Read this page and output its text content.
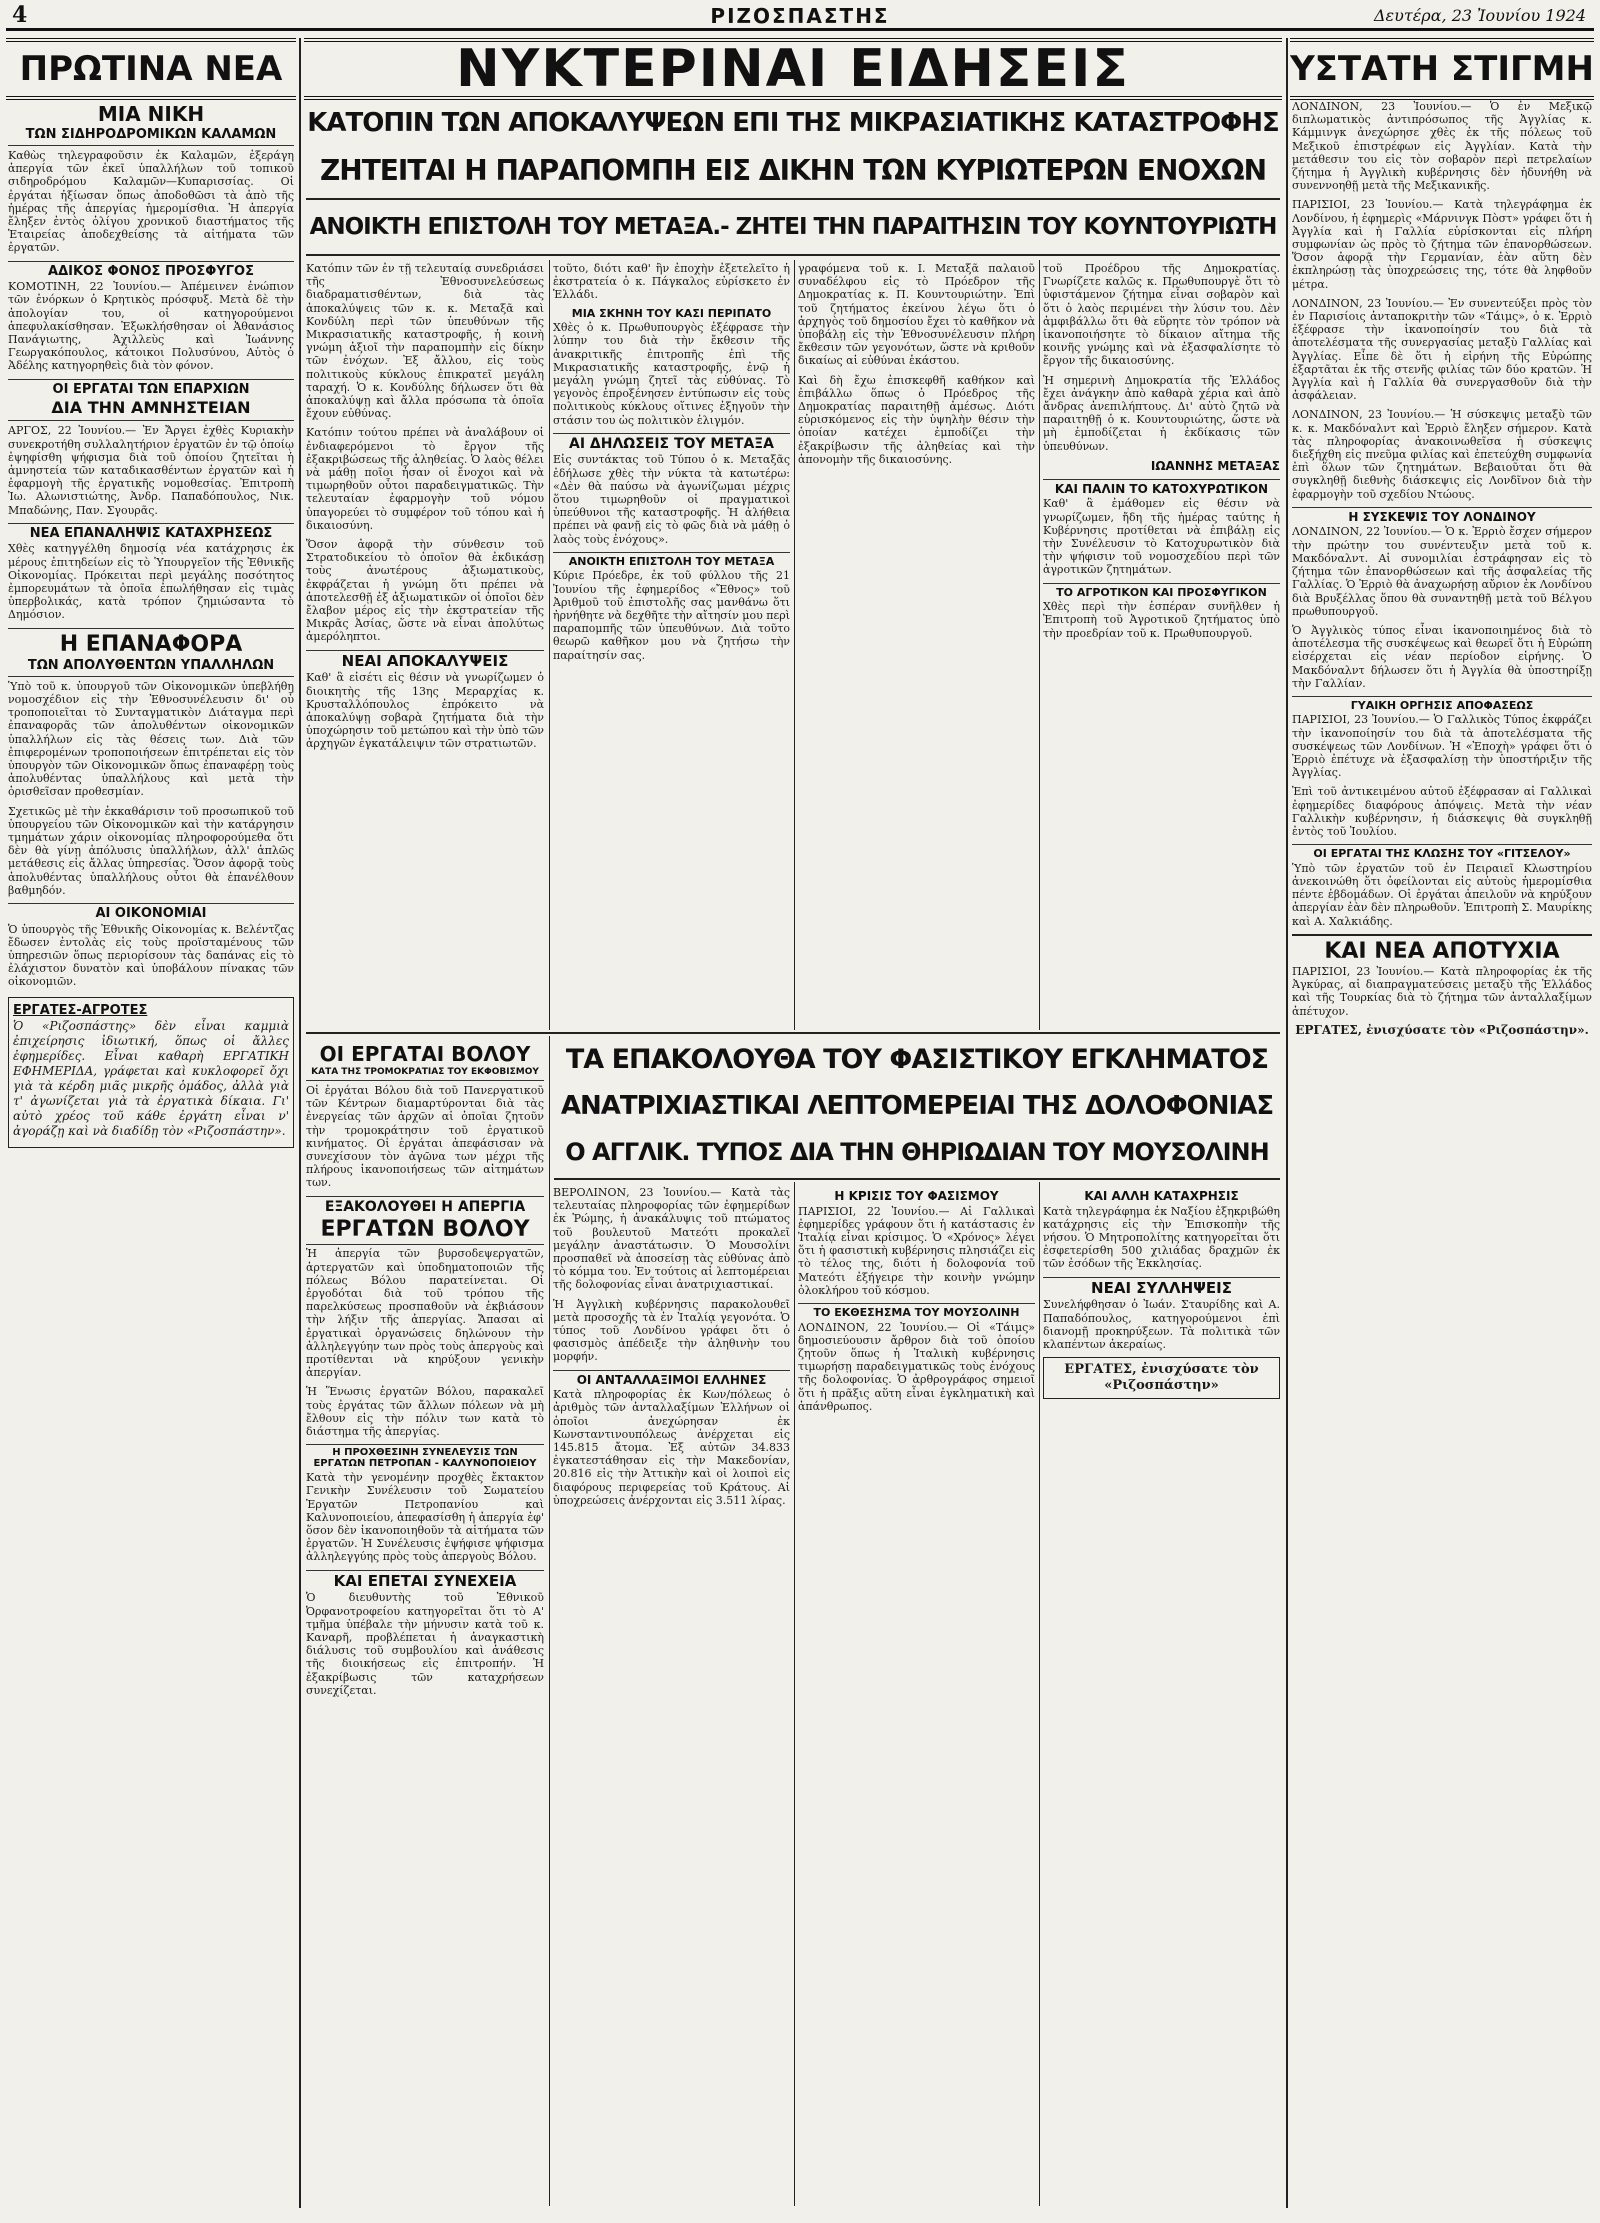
4	ΡΙΖΟΣΠΑΣΤΗΣ	Δευτέρα, 23 Ἰουνίου 1924
ΠΡΩΤΙΝΑ ΝΕΑ	ΝΥΚΤΕΡΙΝΑΙ ΕΙΔΗΣΕΙΣ	ΥΣΤΑΤΗ ΣΤΙΓΜΗ
ΜΙΑ ΝΙΚΗ
ΤΩΝ ΣΙΔΗΡΟΔΡΟΜΙΚΩΝ ΚΑΛΑΜΩΝ

Καθὼς τηλεγραφοῦσιν ἐκ Καλαμῶν, ἐξεράγη ἀπεργία τῶν ἐκεῖ ὑπαλλήλων τοῦ τοπικοῦ σιδηροδρόμου Καλαμῶν—Κυπαρισσίας. Οἱ ἐργάται ἠξίωσαν ὅπως ἀποδοθῶσι τὰ ἀπὸ τῆς ἡμέρας τῆς ἀπεργίας ἡμερομίσθια. Ἡ ἀπεργία ἔληξεν ἐντὸς ὀλίγου χρονικοῦ διαστήματος τῆς Ἑταιρείας ἀποδεχθείσης τὰ αἰτήματα τῶν ἐργατῶν.

ΑΔΙΚΟΣ ΦΟΝΟΣ ΠΡΟΣΦΥΓΟΣ

ΚΟΜΟΤΙΝΗ, 22 Ἰουνίου.— Ἀπέμεινεν ἐνώπιον τῶν ἐνόρκων ὁ Κρητικὸς πρόσφυξ. Μετὰ δὲ τὴν ἀπολογίαν του, οἱ κατηγορούμενοι ἀπεφυλακίσθησαν. Ἐξωκλήσθησαν οἱ Ἀθανάσιος Πανάγιωτης, Ἀχιλλεὺς καὶ Ἰωάννης Γεωργακόπουλος, κάτοικοι Πολυσύνου, Αὐτὸς ὁ Ἀδέλης κατηγορηθεὶς διὰ τὸν φόνον.

ΟΙ ΕΡΓΑΤΑΙ ΤΩΝ ΕΠΑΡΧΙΩΝ
ΔΙΑ ΤΗΝ ΑΜΝΗΣΤΕΙΑΝ

ΑΡΓΟΣ, 22 Ἰουνίου.— Ἐν Ἄργει ἐχθὲς Κυριακὴν συνεκροτήθη συλλαλητήριον ἐργατῶν ἐν τῷ ὁποίῳ ἐψηφίσθη ψήφισμα διὰ τοῦ ὁποίου ζητεῖται ἡ ἀμνηστεία τῶν καταδικασθέντων ἐργατῶν καὶ ἡ ἐφαρμογὴ τῆς ἐργατικῆς νομοθεσίας. Ἐπιτροπὴ Ἰω. Αλωνιστιώτης, Ἀνδρ. Παπαδόπουλος, Νικ. Μπαδώνης, Παν. Σγουρᾶς.

ΝΕΑ ΕΠΑΝΑΛΗΨΙΣ ΚΑΤΑΧΡΗΣΕΩΣ

Χθὲς κατηγγέλθη δημοσίᾳ νέα κατάχρησις ἐκ μέρους ἐπιτηδείων εἰς τὸ Ὑπουργεῖον τῆς Ἐθνικῆς Οἰκονομίας. Πρόκειται περὶ μεγάλης ποσότητος ἐμπορευμάτων τὰ ὁποῖα ἐπωλήθησαν εἰς τιμὰς ὑπερβολικάς, κατὰ τρόπον ζημιώσαντα τὸ Δημόσιον.

Η ΕΠΑΝΑΦΟΡΑ
ΤΩΝ ΑΠΟΛΥΘΕΝΤΩΝ ΥΠΑΛΛΗΛΩΝ

Ὑπὸ τοῦ κ. ὑπουργοῦ τῶν Οἰκονομικῶν ὑπεβλήθη νομοσχέδιον εἰς τὴν Ἐθνοσυνέλευσιν δι' οὗ τροποποιεῖται τὸ Συνταγματικὸν Διάταγμα περὶ ἐπαναφορᾶς τῶν ἀπολυθέντων οἰκονομικῶν ὑπαλλήλων εἰς τὰς θέσεις των. Διὰ τῶν ἐπιφερομένων τροποποιήσεων ἐπιτρέπεται εἰς τὸν ὑπουργὸν τῶν Οἰκονομικῶν ὅπως ἐπαναφέρῃ τοὺς ἀπολυθέντας ὑπαλλήλους καὶ μετὰ τὴν ὁρισθεῖσαν προθεσμίαν.

Σχετικῶς μὲ τὴν ἐκκαθάρισιν τοῦ προσωπικοῦ τοῦ ὑπουργείου τῶν Οἰκονομικῶν καὶ τὴν κατάργησιν τμημάτων χάριν οἰκονομίας πληροφορούμεθα ὅτι δὲν θὰ γίνῃ ἀπόλυσις ὑπαλλήλων, ἀλλ' ἁπλῶς μετάθεσις εἰς ἄλλας ὑπηρεσίας. Ὅσον ἀφορᾷ τοὺς ἀπολυθέντας ὑπαλλήλους οὗτοι θὰ ἐπανέλθουν βαθμηδόν.

ΑΙ ΟΙΚΟΝΟΜΙΑΙ

Ὁ ὑπουργὸς τῆς Ἐθνικῆς Οἰκονομίας κ. Βελέντζας ἔδωσεν ἐντολὰς εἰς τοὺς προϊσταμένους τῶν ὑπηρεσιῶν ὅπως περιορίσουν τὰς δαπάνας εἰς τὸ ἐλάχιστον δυνατὸν καὶ ὑποβάλουν πίνακας τῶν οἰκονομιῶν.

ΕΡΓΑΤΕΣ-ΑΓΡΟΤΕΣ

Ὁ «Ριζοσπάστης» δὲν εἶναι καμμιὰ ἐπιχείρησις ἰδιωτική, ὅπως οἱ ἄλλες ἐφημερίδες. Εἶναι καθαρὴ ΕΡΓΑΤΙΚΗ ΕΦΗΜΕΡΙΔΑ, γράφεται καὶ κυκλοφορεῖ ὄχι γιὰ τὰ κέρδη μιᾶς μικρῆς ὁμάδος, ἀλλὰ γιὰ τ' ἀγωνίζεται γιὰ τὰ ἐργατικὰ δίκαια. Γι' αὐτὸ χρέος τοῦ κάθε ἐργάτη εἶναι ν' ἀγοράζῃ καὶ νὰ διαδίδῃ τὸν «Ριζοσπάστην».

ΚΑΤΟΠΙΝ ΤΩΝ ΑΠΟΚΑΛΥΨΕΩΝ ΕΠΙ ΤΗΣ ΜΙΚΡΑΣΙΑΤΙΚΗΣ ΚΑΤΑΣΤΡΟΦΗΣ
ΖΗΤΕΙΤΑΙ Η ΠΑΡΑΠΟΜΠΗ ΕΙΣ ΔΙΚΗΝ ΤΩΝ ΚΥΡΙΩΤΕΡΩΝ ΕΝΟΧΩΝ
ΑΝΟΙΚΤΗ ΕΠΙΣΤΟΛΗ ΤΟΥ ΜΕΤΑΞΑ.- ΖΗΤΕΙ ΤΗΝ ΠΑΡΑΙΤΗΣΙΝ ΤΟΥ ΚΟΥΝΤΟΥΡΙΩΤΗ

Κατόπιν τῶν ἐν τῇ τελευταίᾳ συνεδριάσει τῆς Ἐθνοσυνελεύσεως διαδραματισθέντων, διὰ τὰς ἀποκαλύψεις τῶν κ. κ. Μεταξᾶ καὶ Κονδύλη περὶ τῶν ὑπευθύνων τῆς Μικρασιατικῆς καταστροφῆς, ἡ κοινὴ γνώμη ἀξιοῖ τὴν παραπομπὴν εἰς δίκην τῶν ἐνόχων. Ἐξ ἄλλου, εἰς τοὺς πολιτικοὺς κύκλους ἐπικρατεῖ μεγάλη ταραχή. Ὁ κ. Κονδύλης δήλωσεν ὅτι θὰ ἀποκαλύψῃ καὶ ἄλλα πρόσωπα τὰ ὁποῖα ἔχουν εὐθύνας.

Κατόπιν τούτου πρέπει νὰ ἀναλάβουν οἱ ἐνδιαφερόμενοι τὸ ἔργον τῆς ἐξακριβώσεως τῆς ἀληθείας. Ὁ λαὸς θέλει νὰ μάθῃ ποῖοι ἦσαν οἱ ἔνοχοι καὶ νὰ τιμωρηθοῦν οὗτοι παραδειγματικῶς. Τὴν τελευταίαν ἐφαρμογὴν τοῦ νόμου ὑπαγορεύει τὸ συμφέρον τοῦ τόπου καὶ ἡ δικαιοσύνη.

Ὅσον ἀφορᾷ τὴν σύνθεσιν τοῦ Στρατοδικείου τὸ ὁποῖον θὰ ἐκδικάσῃ τοὺς ἀνωτέρους ἀξιωματικοὺς, ἐκφράζεται ἡ γνώμη ὅτι πρέπει νὰ ἀποτελεσθῇ ἐξ ἀξιωματικῶν οἱ ὁποῖοι δὲν ἔλαβον μέρος εἰς τὴν ἐκστρατείαν τῆς Μικρᾶς Ἀσίας, ὥστε νὰ εἶναι ἀπολύτως ἀμερόληπτοι.

ΝΕΑΙ ΑΠΟΚΑΛΥΨΕΙΣ

Καθ' ἃ εἰσέτι εἰς θέσιν νὰ γνωρίζωμεν ὁ διοικητὴς τῆς 13ης Μεραρχίας κ. Κρυσταλλόπουλος ἐπρόκειτο νὰ ἀποκαλύψῃ σοβαρὰ ζητήματα διὰ τὴν ὑποχώρησιν τοῦ μετώπου καὶ τὴν ὑπὸ τῶν ἀρχηγῶν ἐγκατάλειψιν τῶν στρατιωτῶν.

τοῦτο, διότι καθ' ἣν ἐποχὴν ἐξετελεῖτο ἡ ἐκστρατεία ὁ κ. Πάγκαλος εὑρίσκετο ἐν Ἑλλάδι.

ΜΙΑ ΣΚΗΝΗ ΤΟΥ ΚΑΣΙ ΠΕΡΙΠΑΤΟ

Χθὲς ὁ κ. Πρωθυπουργὸς ἐξέφρασε τὴν λύπην του διὰ τὴν ἔκθεσιν τῆς ἀνακριτικῆς ἐπιτροπῆς ἐπὶ τῆς Μικρασιατικῆς καταστροφῆς, ἐνῷ ἡ μεγάλη γνώμη ζητεῖ τὰς εὐθύνας. Τὸ γεγονὸς ἐπροξένησεν ἐντύπωσιν εἰς τοὺς πολιτικοὺς κύκλους οἵτινες ἐξηγοῦν τὴν στάσιν του ὡς πολιτικὸν ἑλιγμόν.

ΑΙ ΔΗΛΩΣΕΙΣ ΤΟΥ ΜΕΤΑΞΑ

Εἰς συντάκτας τοῦ Τύπου ὁ κ. Μεταξᾶς ἐδήλωσε χθὲς τὴν νύκτα τὰ κατωτέρω: «Δὲν θὰ παύσω νὰ ἀγωνίζωμαι μέχρις ὅτου τιμωρηθοῦν οἱ πραγματικοὶ ὑπεύθυνοι τῆς καταστροφῆς. Ἡ ἀλήθεια πρέπει νὰ φανῇ εἰς τὸ φῶς διὰ νὰ μάθῃ ὁ λαὸς τοὺς ἐνόχους».

ΑΝΟΙΚΤΗ ΕΠΙΣΤΟΛΗ ΤΟΥ ΜΕΤΑΞΑ

Κύριε Πρόεδρε, ἐκ τοῦ φύλλου τῆς 21 Ἰουνίου τῆς ἐφημερίδος «Ἔθνος» τοῦ Ἀριθμοῦ τοῦ ἐπιστολῆς σας μανθάνω ὅτι ἠρνήθητε νὰ δεχθῆτε τὴν αἴτησίν μου περὶ παραπομπῆς τῶν ὑπευθύνων. Διὰ τοῦτο θεωρῶ καθῆκον μου νὰ ζητήσω τὴν παραίτησίν σας.

γραφόμενα τοῦ κ. Ι. Μεταξᾶ παλαιοῦ συναδέλφου εἰς τὸ Πρόεδρον τῆς Δημοκρατίας κ. Π. Κουντουριώτην. Ἐπὶ τοῦ ζητήματος ἐκείνου λέγω ὅτι ὁ ἀρχηγὸς τοῦ δημοσίου ἔχει τὸ καθῆκον νὰ ὑποβάλῃ εἰς τὴν Ἐθνοσυνέλευσιν πλήρη ἔκθεσιν τῶν γεγονότων, ὥστε νὰ κριθοῦν δικαίως αἱ εὐθύναι ἑκάστου.

Καὶ δὴ ἔχω ἐπισκεφθῆ καθήκον καὶ ἐπιβάλλω ὅπως ὁ Πρόεδρος τῆς Δημοκρατίας παραιτηθῇ ἀμέσως. Διότι εὑρισκόμενος εἰς τὴν ὑψηλὴν θέσιν τὴν ὁποίαν κατέχει ἐμποδίζει τὴν ἐξακρίβωσιν τῆς ἀληθείας καὶ τὴν ἀπονομὴν τῆς δικαιοσύνης.

τοῦ Προέδρου τῆς Δημοκρατίας. Γνωρίζετε καλῶς κ. Πρωθυπουργὲ ὅτι τὸ ὑφιστάμενον ζήτημα εἶναι σοβαρὸν καὶ ὅτι ὁ λαὸς περιμένει τὴν λύσιν του. Δὲν ἀμφιβάλλω ὅτι θὰ εὕρητε τὸν τρόπον νὰ ἱκανοποιήσητε τὸ δίκαιον αἴτημα τῆς κοινῆς γνώμης καὶ νὰ ἐξασφαλίσητε τὸ ἔργον τῆς δικαιοσύνης.

Ἡ σημερινὴ Δημοκρατία τῆς Ἑλλάδος ἔχει ἀνάγκην ἀπὸ καθαρὰ χέρια καὶ ἀπὸ ἄνδρας ἀνεπιλήπτους. Δι' αὐτὸ ζητῶ νὰ παραιτηθῇ ὁ κ. Κουντουριώτης, ὥστε νὰ μὴ ἐμποδίζεται ἡ ἐκδίκασις τῶν ὑπευθύνων.

ΙΩΑΝΝΗΣ ΜΕΤΑΞΑΣ
ΚΑΙ ΠΑΛΙΝ ΤΟ ΚΑΤΟΧΥΡΩΤΙΚΟΝ

Καθ' ἃ ἐμάθομεν εἰς θέσιν νὰ γνωρίζωμεν, ἤδη τῆς ἡμέρας ταύτης ἡ Κυβέρνησις προτίθεται νὰ ἐπιβάλῃ εἰς τὴν Συνέλευσιν τὸ Κατοχυρωτικὸν διὰ τὴν ψήφισιν τοῦ νομοσχεδίου περὶ τῶν ἀγροτικῶν ζητημάτων.

ΤΟ ΑΓΡΟΤΙΚΟΝ ΚΑΙ ΠΡΟΣΦΥΓΙΚΟΝ

Χθὲς περὶ τὴν ἑσπέραν συνῆλθεν ἡ Ἐπιτροπὴ τοῦ Ἀγροτικοῦ ζητήματος ὑπὸ τὴν προεδρίαν τοῦ κ. Πρωθυπουργοῦ.

ΟΙ ΕΡΓΑΤΑΙ ΒΟΛΟΥ
ΚΑΤΑ ΤΗΣ ΤΡΟΜΟΚΡΑΤΙΑΣ ΤΟΥ ΕΚΦΟΒΙΣΜΟΥ

Οἱ ἐργάται Βόλου διὰ τοῦ Πανεργατικοῦ τῶν Κέντρων διαμαρτύρονται διὰ τὰς ἐνεργείας τῶν ἀρχῶν αἱ ὁποῖαι ζητοῦν τὴν τρομοκράτησιν τοῦ ἐργατικοῦ κινήματος. Οἱ ἐργάται ἀπεφάσισαν νὰ συνεχίσουν τὸν ἀγῶνα των μέχρι τῆς πλήρους ἱκανοποιήσεως τῶν αἰτημάτων των.

ΕΞΑΚΟΛΟΥΘΕΙ Η ΑΠΕΡΓΙΑ
ΕΡΓΑΤΩΝ ΒΟΛΟΥ

Ἡ ἀπεργία τῶν βυρσοδεψεργατῶν, ἀρτεργατῶν καὶ ὑποδηματοποιῶν τῆς πόλεως Βόλου παρατείνεται. Οἱ ἐργοδόται διὰ τοῦ τρόπου τῆς παρελκύσεως προσπαθοῦν νὰ ἐκβιάσουν τὴν λήξιν τῆς ἀπεργίας. Ἄπασαι αἱ ἐργατικαὶ ὀργανώσεις δηλώνουν τὴν ἀλληλεγγύην των πρὸς τοὺς ἀπεργοὺς καὶ προτίθενται νὰ κηρύξουν γενικὴν ἀπεργίαν.

Ἡ Ἕνωσις ἐργατῶν Βόλου, παρακαλεῖ τοὺς ἐργάτας τῶν ἄλλων πόλεων νὰ μὴ ἔλθουν εἰς τὴν πόλιν των κατὰ τὸ διάστημα τῆς ἀπεργίας.

Η ΠΡΟΧΘΕΣΙΝΗ ΣΥΝΕΛΕΥΣΙΣ ΤΩΝ ΕΡΓΑΤΩΝ ΠΕΤΡΟΠΑΝ - ΚΑΛΥΝΟΠΟΙΕΙΟΥ

Κατὰ τὴν γενομένην προχθὲς ἔκτακτον Γενικὴν Συνέλευσιν τοῦ Σωματείου Ἐργατῶν Πετροπανίου καὶ Καλυνοποιείου, ἀπεφασίσθη ἡ ἀπεργία ἐφ' ὅσον δὲν ἱκανοποιηθοῦν τὰ αἰτήματα τῶν ἐργατῶν. Ἡ Συνέλευσις ἐψήφισε ψήφισμα ἀλληλεγγύης πρὸς τοὺς ἀπεργοὺς Βόλου.

ΚΑΙ ΕΠΕΤΑΙ ΣΥΝΕΧΕΙΑ

Ὁ διευθυντὴς τοῦ Ἐθνικοῦ Ὀρφανοτροφείου κατηγορεῖται ὅτι τὸ Α' τμῆμα ὑπέβαλε τὴν μήνυσιν κατὰ τοῦ κ. Καναρῆ, προβλέπεται ἡ ἀναγκαστικὴ διάλυσις τοῦ συμβουλίου καὶ ἀνάθεσις τῆς διοικήσεως εἰς ἐπιτροπήν. Ἡ ἐξακρίβωσις τῶν καταχρήσεων συνεχίζεται.

ΤΑ ΕΠΑΚΟΛΟΥΘΑ ΤΟΥ ΦΑΣΙΣΤΙΚΟΥ ΕΓΚΛΗΜΑΤΟΣ
ΑΝΑΤΡΙΧΙΑΣΤΙΚΑΙ ΛΕΠΤΟΜΕΡΕΙΑΙ ΤΗΣ ΔΟΛΟΦΟΝΙΑΣ
Ο ΑΓΓΛΙΚ. ΤΥΠΟΣ ΔΙΑ ΤΗΝ ΘΗΡΙΩΔΙΑΝ ΤΟΥ ΜΟΥΣΟΛΙΝΗ

ΒΕΡΟΛΙΝΟΝ, 23 Ἰουνίου.— Κατὰ τὰς τελευταίας πληροφορίας τῶν ἐφημερίδων ἐκ Ῥώμης, ἡ ἀνακάλυψις τοῦ πτώματος τοῦ βουλευτοῦ Ματεότι προκαλεῖ μεγάλην ἀναστάτωσιν. Ὁ Μουσολίνι προσπαθεῖ νὰ ἀποσείσῃ τὰς εὐθύνας ἀπὸ τὸ κόμμα του. Ἐν τούτοις αἱ λεπτομέρειαι τῆς δολοφονίας εἶναι ἀνατριχιαστικαί.

Ἡ Ἀγγλικὴ κυβέρνησις παρακολουθεῖ μετὰ προσοχῆς τὰ ἐν Ἰταλίᾳ γεγονότα. Ὁ τύπος τοῦ Λονδίνου γράφει ὅτι ὁ φασισμὸς ἀπέδειξε τὴν ἀληθινὴν του μορφήν.

ΟΙ ΑΝΤΑΛΛΑΞΙΜΟΙ ΕΛΛΗΝΕΣ

Κατὰ πληροφορίας ἐκ Κων/πόλεως ὁ ἀριθμὸς τῶν ἀνταλλαξίμων Ἑλλήνων οἱ ὁποῖοι ἀνεχώρησαν ἐκ Κωνσταντινουπόλεως ἀνέρχεται εἰς 145.815 ἄτομα. Ἐξ αὐτῶν 34.833 ἐγκατεστάθησαν εἰς τὴν Μακεδονίαν, 20.816 εἰς τὴν Ἀττικὴν καὶ οἱ λοιποὶ εἰς διαφόρους περιφερείας τοῦ Κράτους. Αἱ ὑποχρεώσεις ἀνέρχονται εἰς 3.511 λίρας.

Η ΚΡΙΣΙΣ ΤΟΥ ΦΑΣΙΣΜΟΥ

ΠΑΡΙΣΙΟΙ, 22 Ἰουνίου.— Αἱ Γαλλικαὶ ἐφημερίδες γράφουν ὅτι ἡ κατάστασις ἐν Ἰταλίᾳ εἶναι κρίσιμος. Ὁ «Χρόνος» λέγει ὅτι ἡ φασιστικὴ κυβέρνησις πλησιάζει εἰς τὸ τέλος της, διότι ἡ δολοφονία τοῦ Ματεότι ἐξήγειρε τὴν κοινὴν γνώμην ὁλοκλήρου τοῦ κόσμου.

ΤΟ ΕΚΘΕΣΗΣΜΑ ΤΟΥ ΜΟΥΣΟΛΙΝΗ

ΛΟΝΔΙΝΟΝ, 22 Ἰουνίου.— Οἱ «Τάιμς» δημοσιεύουσιν ἄρθρον διὰ τοῦ ὁποίου ζητοῦν ὅπως ἡ Ἰταλικὴ κυβέρνησις τιμωρήσῃ παραδειγματικῶς τοὺς ἐνόχους τῆς δολοφονίας. Ὁ ἀρθρογράφος σημειοῖ ὅτι ἡ πρᾶξις αὕτη εἶναι ἐγκληματικὴ καὶ ἀπάνθρωπος.

ΚΑΙ ΑΛΛΗ ΚΑΤΑΧΡΗΣΙΣ

Κατὰ τηλεγράφημα ἐκ Ναξίου ἐξηκριβώθη κατάχρησις εἰς τὴν Ἐπισκοπὴν τῆς νήσου. Ὁ Μητροπολίτης κατηγορεῖται ὅτι ἐσφετερίσθη 500 χιλιάδας δραχμῶν ἐκ τῶν ἐσόδων τῆς Ἐκκλησίας.

ΝΕΑΙ ΣΥΛΛΗΨΕΙΣ

Συνελήφθησαν ὁ Ἰωάν. Σταυρίδης καὶ Α. Παπαδόπουλος, κατηγορούμενοι ἐπὶ διανομῇ προκηρύξεων. Τὰ πολιτικὰ τῶν κλαπέντων ἀκεραίως.

ΕΡΓΑΤΕΣ, ἐνισχύσατε τὸν «Ριζοσπάστην»

ΛΟΝΔΙΝΟΝ, 23 Ἰουνίου.— Ὁ ἐν Μεξικῷ διπλωματικὸς ἀντιπρόσωπος τῆς Ἀγγλίας κ. Κάμμινγκ ἀνεχώρησε χθὲς ἐκ τῆς πόλεως τοῦ Μεξικοῦ ἐπιστρέφων εἰς Ἀγγλίαν. Κατὰ τὴν μετάθεσιν του εἰς τὸν σοβαρὸν περὶ πετρελαίων ζήτημα ἡ Ἀγγλικὴ κυβέρνησις δὲν ἠδυνήθη νὰ συνεννοηθῇ μετὰ τῆς Μεξικανικῆς.

ΠΑΡΙΣΙΟΙ, 23 Ἰουνίου.— Κατὰ τηλεγράφημα ἐκ Λονδίνου, ἡ ἐφημερὶς «Μάρνινγκ Πὸστ» γράφει ὅτι ἡ Ἀγγλία καὶ ἡ Γαλλία εὑρίσκονται εἰς πλήρη συμφωνίαν ὡς πρὸς τὸ ζήτημα τῶν ἐπανορθώσεων. Ὅσον ἀφορᾷ τὴν Γερμανίαν, ἐὰν αὕτη δὲν ἐκπληρώσῃ τὰς ὑποχρεώσεις της, τότε θὰ ληφθοῦν μέτρα.

ΛΟΝΔΙΝΟΝ, 23 Ἰουνίου.— Ἐν συνεντεύξει πρὸς τὸν ἐν Παρισίοις ἀνταποκριτὴν τῶν «Τάιμς», ὁ κ. Ἐρριὸ ἐξέφρασε τὴν ἱκανοποίησίν του διὰ τὰ ἀποτελέσματα τῆς συνεργασίας μεταξὺ Γαλλίας καὶ Ἀγγλίας. Εἶπε δὲ ὅτι ἡ εἰρήνη τῆς Εὐρώπης ἐξαρτᾶται ἐκ τῆς στενῆς φιλίας τῶν δύο κρατῶν. Ἡ Ἀγγλία καὶ ἡ Γαλλία θὰ συνεργασθοῦν διὰ τὴν ἀσφάλειαν.

ΛΟΝΔΙΝΟΝ, 23 Ἰουνίου.— Ἡ σύσκεψις μεταξὺ τῶν κ. κ. Μακδόναλντ καὶ Ἐρριὸ ἔληξεν σήμερον. Κατὰ τὰς πληροφορίας ἀνακοινωθεῖσα ἡ σύσκεψις διεξήχθη εἰς πνεῦμα φιλίας καὶ ἐπετεύχθη συμφωνία ἐπὶ ὅλων τῶν ζητημάτων. Βεβαιοῦται ὅτι θὰ συγκληθῇ διεθνὴς διάσκεψις εἰς Λονδῖνον διὰ τὴν ἐφαρμογὴν τοῦ σχεδίου Ντώους.

Η ΣΥΣΚΕΨΙΣ ΤΟΥ ΛΟΝΔΙΝΟΥ

ΛΟΝΔΙΝΟΝ, 22 Ἰουνίου.— Ὁ κ. Ἐρριὸ ἔσχεν σήμερον τὴν πρώτην του συνέντευξιν μετὰ τοῦ κ. Μακδόναλντ. Αἱ συνομιλίαι ἐστράφησαν εἰς τὸ ζήτημα τῶν ἐπανορθώσεων καὶ τῆς ἀσφαλείας τῆς Γαλλίας. Ὁ Ἐρριὸ θὰ ἀναχωρήσῃ αὔριον ἐκ Λονδίνου διὰ Βρυξέλλας ὅπου θὰ συναντηθῇ μετὰ τοῦ Βέλγου πρωθυπουργοῦ.

Ὁ Ἀγγλικὸς τύπος εἶναι ἱκανοποιημένος διὰ τὸ ἀποτέλεσμα τῆς συσκέψεως καὶ θεωρεῖ ὅτι ἡ Εὐρώπη εἰσέρχεται εἰς νέαν περίοδον εἰρήνης. Ὁ Μακδόναλντ δήλωσεν ὅτι ἡ Ἀγγλία θὰ ὑποστηρίξῃ τὴν Γαλλίαν.

ΓΥΑΙΚΗ ΟΡΓΗΣΙΣ ΑΠΟΦΑΣΕΩΣ

ΠΑΡΙΣΙΟΙ, 23 Ἰουνίου.— Ὁ Γαλλικὸς Τύπος ἐκφράζει τὴν ἱκανοποίησίν του διὰ τὰ ἀποτελέσματα τῆς συσκέψεως τῶν Λονδίνων. Ἡ «Ἐποχὴ» γράφει ὅτι ὁ Ἐρριὸ ἐπέτυχε νὰ ἐξασφαλίσῃ τὴν ὑποστήριξιν τῆς Ἀγγλίας.

Ἐπὶ τοῦ ἀντικειμένου αὐτοῦ ἐξέφρασαν αἱ Γαλλικαὶ ἐφημερίδες διαφόρους ἀπόψεις. Μετὰ τὴν νέαν Γαλλικὴν κυβέρνησιν, ἡ διάσκεψις θὰ συγκληθῇ ἐντὸς τοῦ Ἰουλίου.

ΟΙ ΕΡΓΑΤΑΙ ΤΗΣ ΚΛΩΣΗΣ ΤΟΥ «ΓΙΤΣΕΛΟΥ»

Ὑπὸ τῶν ἐργατῶν τοῦ ἐν Πειραιεῖ Κλωστηρίου ἀνεκοινώθη ὅτι ὀφείλονται εἰς αὐτοὺς ἡμερομίσθια πέντε ἑβδομάδων. Οἱ ἐργάται ἀπειλοῦν νὰ κηρύξουν ἀπεργίαν ἐὰν δὲν πληρωθοῦν. Ἐπιτροπὴ Σ. Μαυρίκης καὶ Α. Χαλκιάδης.

ΚΑΙ ΝΕΑ ΑΠΟΤΥΧΙΑ

ΠΑΡΙΣΙΟΙ, 23 Ἰουνίου.— Κατὰ πληροφορίας ἐκ τῆς Ἀγκύρας, αἱ διαπραγματεύσεις μεταξὺ τῆς Ἑλλάδος καὶ τῆς Τουρκίας διὰ τὸ ζήτημα τῶν ἀνταλλαξίμων ἀπέτυχον.

ΕΡΓΑΤΕΣ, ἐνισχύσατε τὸν «Ριζοσπάστην».
